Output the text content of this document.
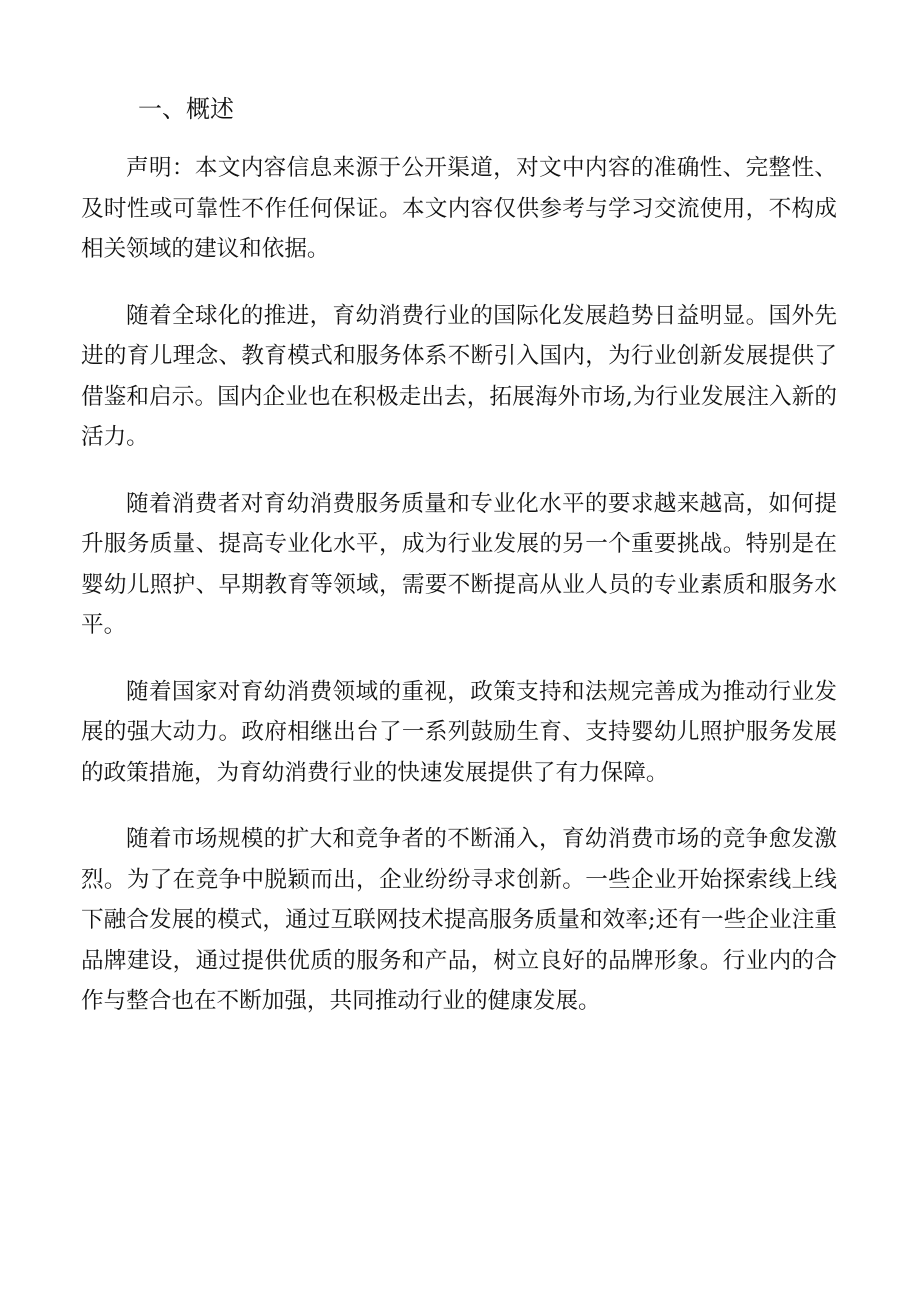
一、概述

声明：本文内容信息来源于公开渠道，对文中内容的准确性、完整性、及时性或可靠性不作任何保证。本文内容仅供参考与学习交流使用，不构成相关领域的建议和依据。

随着全球化的推进，育幼消费行业的国际化发展趋势日益明显。国外先进的育儿理念、教育模式和服务体系不断引入国内，为行业创新发展提供了借鉴和启示。国内企业也在积极走出去，拓展海外市场,为行业发展注入新的活力。

随着消费者对育幼消费服务质量和专业化水平的要求越来越高，如何提升服务质量、提高专业化水平，成为行业发展的另一个重要挑战。特别是在婴幼儿照护、早期教育等领域，需要不断提高从业人员的专业素质和服务水平。

随着国家对育幼消费领域的重视，政策支持和法规完善成为推动行业发展的强大动力。政府相继出台了一系列鼓励生育、支持婴幼儿照护服务发展的政策措施，为育幼消费行业的快速发展提供了有力保障。

随着市场规模的扩大和竞争者的不断涌入，育幼消费市场的竞争愈发激烈。为了在竞争中脱颖而出，企业纷纷寻求创新。一些企业开始探索线上线下融合发展的模式，通过互联网技术提高服务质量和效率;还有一些企业注重品牌建设，通过提供优质的服务和产品，树立良好的品牌形象。行业内的合作与整合也在不断加强，共同推动行业的健康发展。
